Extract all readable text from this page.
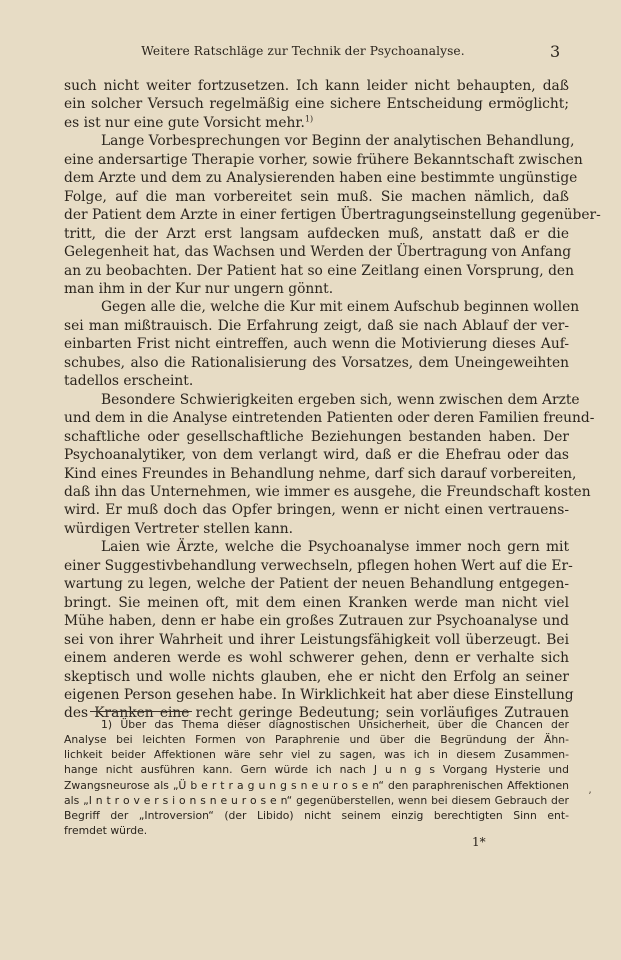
Weitere Ratschläge zur Technik der Psychoanalyse.	3
such nicht weiter fortzusetzen. Ich kann leider nicht behaupten, daß
ein solcher Versuch regelmäßig eine sichere Entscheidung ermöglicht;
es ist nur eine gute Vorsicht mehr.$^{1)}$
Lange Vorbesprechungen vor Beginn der analytischen Behandlung,
eine andersartige Therapie vorher, sowie frühere Bekanntschaft zwischen
dem Arzte und dem zu Analysierenden haben eine bestimmte ungünstige
Folge, auf die man vorbereitet sein muß. Sie machen nämlich, daß
der Patient dem Arzte in einer fertigen Übertragungseinstellung gegenüber-
tritt, die der Arzt erst langsam aufdecken muß, anstatt daß er die
Gelegenheit hat, das Wachsen und Werden der Übertragung von Anfang
an zu beobachten. Der Patient hat so eine Zeitlang einen Vorsprung, den
man ihm in der Kur nur ungern gönnt.
Gegen alle die, welche die Kur mit einem Aufschub beginnen wollen
sei man mißtrauisch. Die Erfahrung zeigt, daß sie nach Ablauf der ver-
einbarten Frist nicht eintreffen, auch wenn die Motivierung dieses Auf-
schubes, also die Rationalisierung des Vorsatzes, dem Uneingeweihten
tadellos erscheint.
Besondere Schwierigkeiten ergeben sich, wenn zwischen dem Arzte
und dem in die Analyse eintretenden Patienten oder deren Familien freund-
schaftliche oder gesellschaftliche Beziehungen bestanden haben. Der
Psychoanalytiker, von dem verlangt wird, daß er die Ehefrau oder das
Kind eines Freundes in Behandlung nehme, darf sich darauf vorbereiten,
daß ihn das Unternehmen, wie immer es ausgehe, die Freundschaft kosten
wird. Er muß doch das Opfer bringen, wenn er nicht einen vertrauens-
würdigen Vertreter stellen kann.
Laien wie Ärzte, welche die Psychoanalyse immer noch gern mit
einer Suggestivbehandlung verwechseln, pflegen hohen Wert auf die Er-
wartung zu legen, welche der Patient der neuen Behandlung entgegen-
bringt. Sie meinen oft, mit dem einen Kranken werde man nicht viel
Mühe haben, denn er habe ein großes Zutrauen zur Psychoanalyse und
sei von ihrer Wahrheit und ihrer Leistungsfähigkeit voll überzeugt. Bei
einem anderen werde es wohl schwerer gehen, denn er verhalte sich
skeptisch und wolle nichts glauben, ehe er nicht den Erfolg an seiner
eigenen Person gesehen habe. In Wirklichkeit hat aber diese Einstellung
des Kranken eine recht geringe Bedeutung; sein vorläufiges Zutrauen
1) Über das Thema dieser diagnostischen Unsicherheit, über die Chancen der
Analyse bei leichten Formen von Paraphrenie und über die Begründung der Ähn-
lichkeit beider Affektionen wäre sehr viel zu sagen, was ich in diesem Zusammen-
hange nicht ausführen kann. Gern würde ich nach J u n g s Vorgang Hysterie und
Zwangsneurose als „Ü b e r t r a g u n g s n e u r o s e n“ den paraphrenischen Affektionen
als „I n t r o v e r s i o n s n e u r o s e n“ gegenüberstellen, wenn bei diesem Gebrauch der
Begriff der „Introversion“ (der Libido) nicht seinem einzig berechtigten Sinn ent-
fremdet würde.
1*
ʼ
